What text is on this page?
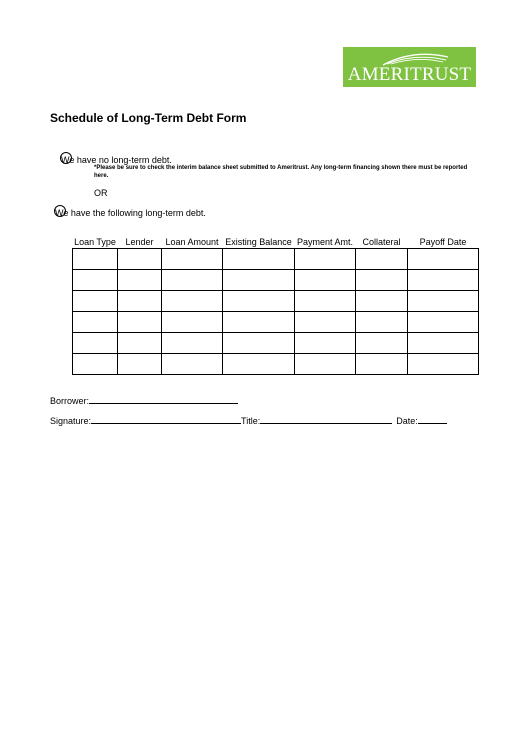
AMERITRUST
Schedule of Long-Term Debt Form
We have no long-term debt.
*Please be sure to check the interim balance sheet submitted to Ameritrust. Any long-term financing shown there must be reported here.
OR
We have the following long-term debt.
Loan Type	Lender	Loan Amount	Existing Balance	Payment Amt.	Collateral	Payoff Date

Borrower:
Signature:	Title:	Date:
